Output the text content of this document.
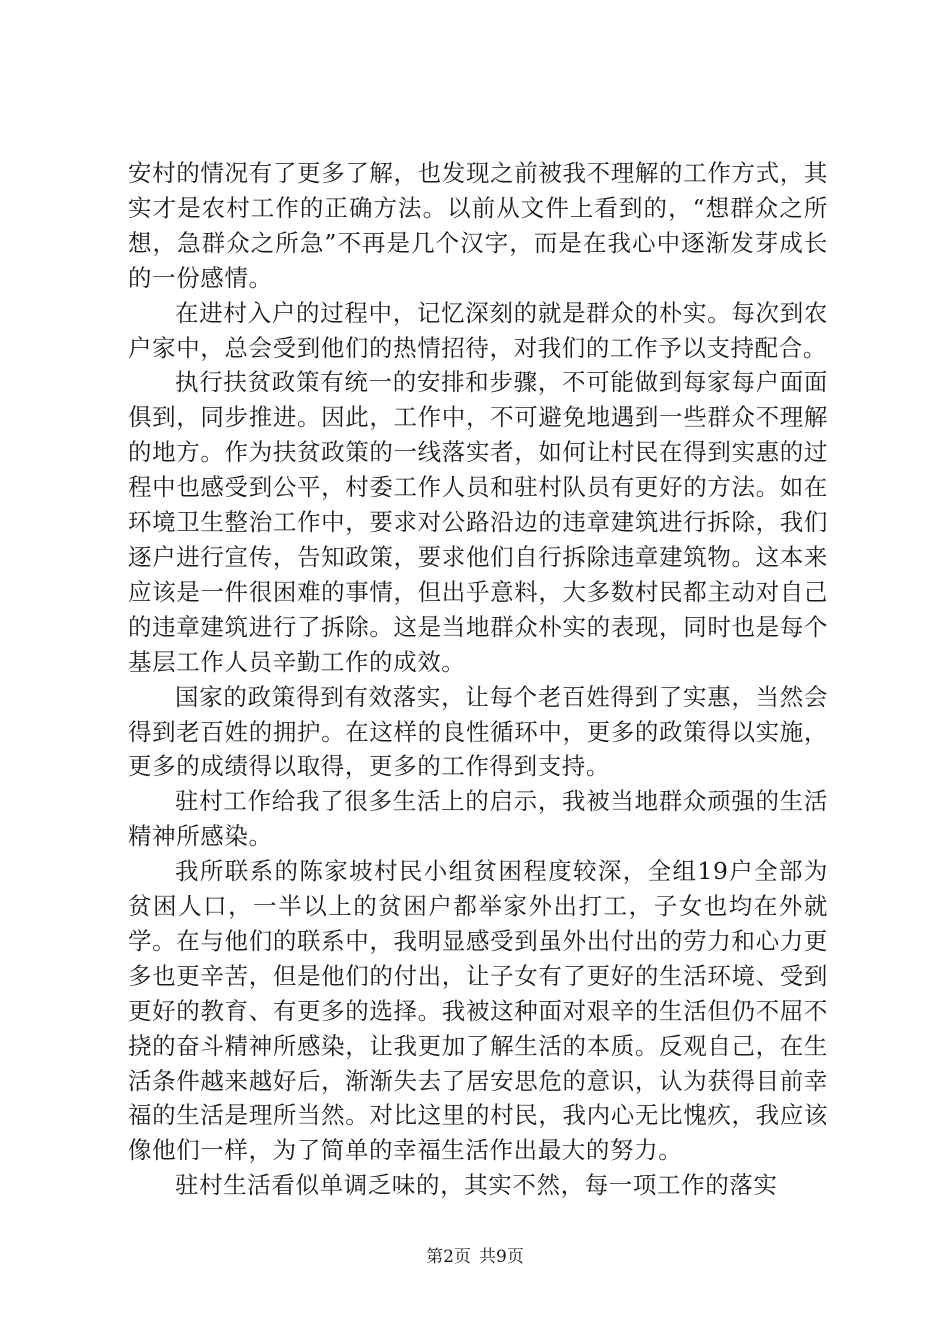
安村的情况有了更多了解，也发现之前被我不理解的工作方式，其实才是农村工作的正确方法。以前从文件上看到的，“想群众之所想，急群众之所急”不再是几个汉字，而是在我心中逐渐发芽成长的一份感情。

在进村入户的过程中，记忆深刻的就是群众的朴实。每次到农户家中，总会受到他们的热情招待，对我们的工作予以支持配合。

执行扶贫政策有统一的安排和步骤，不可能做到每家每户面面俱到，同步推进。因此，工作中，不可避免地遇到一些群众不理解的地方。作为扶贫政策的一线落实者，如何让村民在得到实惠的过程中也感受到公平，村委工作人员和驻村队员有更好的方法。如在环境卫生整治工作中，要求对公路沿边的违章建筑进行拆除，我们逐户进行宣传，告知政策，要求他们自行拆除违章建筑物。这本来应该是一件很困难的事情，但出乎意料，大多数村民都主动对自己的违章建筑进行了拆除。这是当地群众朴实的表现，同时也是每个基层工作人员辛勤工作的成效。

国家的政策得到有效落实，让每个老百姓得到了实惠，当然会得到老百姓的拥护。在这样的良性循环中，更多的政策得以实施，更多的成绩得以取得，更多的工作得到支持。

驻村工作给我了很多生活上的启示，我被当地群众顽强的生活精神所感染。

我所联系的陈家坡村民小组贫困程度较深，全组19户全部为贫困人口，一半以上的贫困户都举家外出打工，子女也均在外就学。在与他们的联系中，我明显感受到虽外出付出的劳力和心力更多也更辛苦，但是他们的付出，让子女有了更好的生活环境、受到更好的教育、有更多的选择。我被这种面对艰辛的生活但仍不屈不挠的奋斗精神所感染，让我更加了解生活的本质。反观自己，在生活条件越来越好后，渐渐失去了居安思危的意识，认为获得目前幸福的生活是理所当然。对比这里的村民，我内心无比愧疚，我应该像他们一样，为了简单的幸福生活作出最大的努力。

驻村生活看似单调乏味的，其实不然，每一项工作的落实

第2页 共9页
